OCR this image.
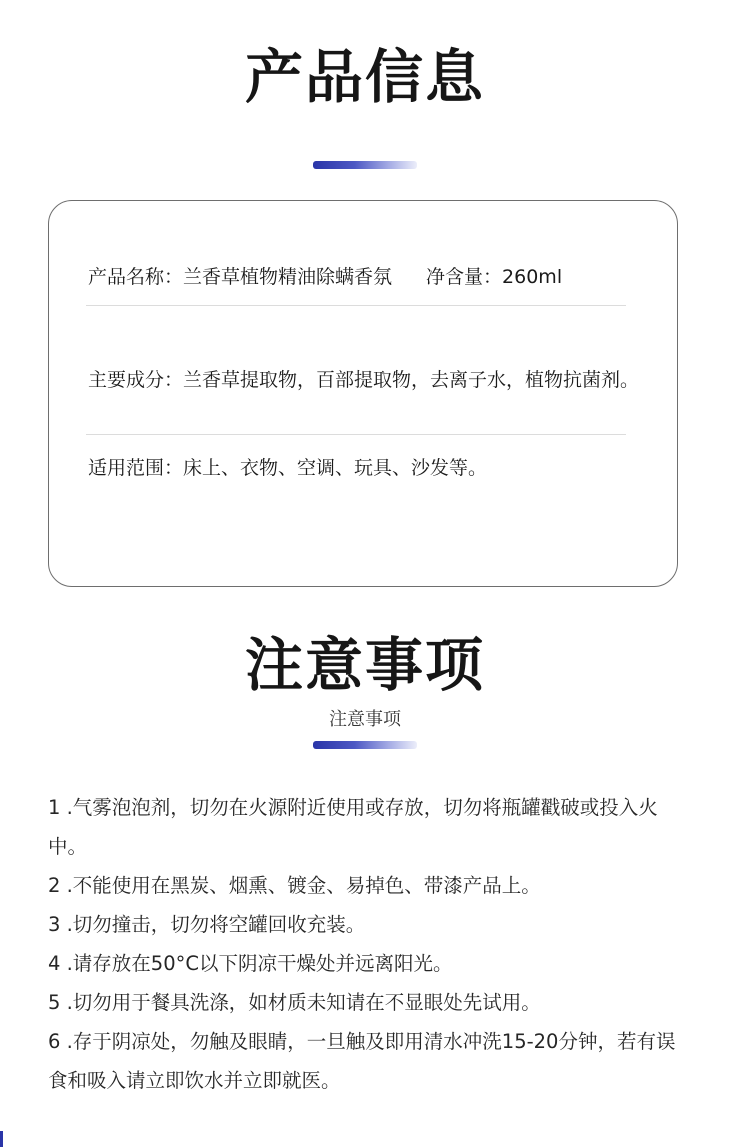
产品信息
产品名称：兰香草植物精油除螨香氛 净含量：260ml
主要成分： 兰香草提取物，百部提取物，去离子水，植物抗菌剂。
适用范围： 床上、衣物、空调、玩具、沙发等。
注意事项
注意事项
1 .气雾泡泡剂，切勿在火源附近使用或存放，切勿将瓶罐戳破或投入火中。
2 .不能使用在黑炭、烟熏、镀金、易掉色、带漆产品上。
3 .切勿撞击，切勿将空罐回收充装。
4 .请存放在50°C以下阴凉干燥处并远离阳光。
5 .切勿用于餐具洗涤，如材质未知请在不显眼处先试用。
6 .存于阴凉处，勿触及眼睛，一旦触及即用清水冲洗15-20分钟，若有误 食和吸入请立即饮水并立即就医。
